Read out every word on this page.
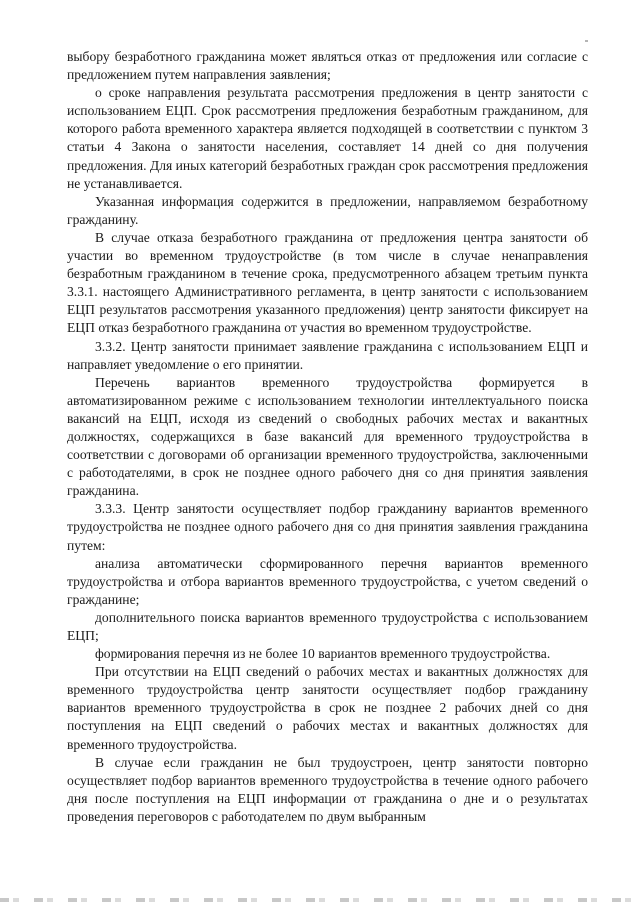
выбору безработного гражданина может являться отказ от предложения или согласие с предложением путем направления заявления;

о сроке направления результата рассмотрения предложения в центр занятости с использованием ЕЦП. Срок рассмотрения предложения безработным гражданином, для которого работа временного характера является подходящей в соответствии с пунктом 3 статьи 4 Закона о занятости населения, составляет 14 дней со дня получения предложения. Для иных категорий безработных граждан срок рассмотрения предложения не устанавливается.

Указанная информация содержится в предложении, направляемом безработному гражданину.

В случае отказа безработного гражданина от предложения центра занятости об участии во временном трудоустройстве (в том числе в случае ненаправления безработным гражданином в течение срока, предусмотренного абзацем третьим пункта 3.3.1. настоящего Административного регламента, в центр занятости с использованием ЕЦП результатов рассмотрения указанного предложения) центр занятости фиксирует на ЕЦП отказ безработного гражданина от участия во временном трудоустройстве.

3.3.2. Центр занятости принимает заявление гражданина с использованием ЕЦП и направляет уведомление о его принятии.

Перечень вариантов временного трудоустройства формируется в автоматизированном режиме с использованием технологии интеллектуального поиска вакансий на ЕЦП, исходя из сведений о свободных рабочих местах и вакантных должностях, содержащихся в базе вакансий для временного трудоустройства в соответствии с договорами об организации временного трудоустройства, заключенными с работодателями, в срок не позднее одного рабочего дня со дня принятия заявления гражданина.

3.3.3. Центр занятости осуществляет подбор гражданину вариантов временного трудоустройства не позднее одного рабочего дня со дня принятия заявления гражданина путем:

анализа автоматически сформированного перечня вариантов временного трудоустройства и отбора вариантов временного трудоустройства, с учетом сведений о гражданине;

дополнительного поиска вариантов временного трудоустройства с использованием ЕЦП;

формирования перечня из не более 10 вариантов временного трудоустройства.

При отсутствии на ЕЦП сведений о рабочих местах и вакантных должностях для временного трудоустройства центр занятости осуществляет подбор гражданину вариантов временного трудоустройства в срок не позднее 2 рабочих дней со дня поступления на ЕЦП сведений о рабочих местах и вакантных должностях для временного трудоустройства.

В случае если гражданин не был трудоустроен, центр занятости повторно осуществляет подбор вариантов временного трудоустройства в течение одного рабочего дня после поступления на ЕЦП информации от гражданина о дне и о результатах проведения переговоров с работодателем по двум выбранным
